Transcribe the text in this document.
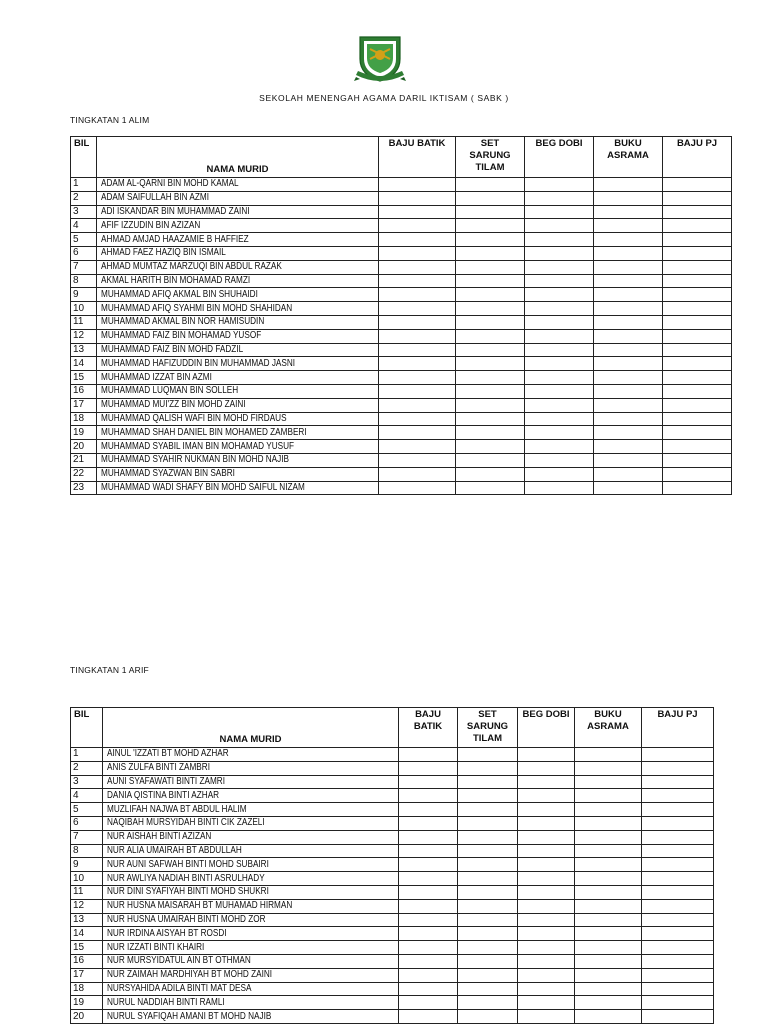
SEKOLAH MENENGAH AGAMA DARIL IKTISAM ( SABK )
TINGKATAN 1 ALIM
BIL	NAMA MURID	BAJU BATIK	SET SARUNG TILAM	BEG DOBI	BUKU ASRAMA	BAJU PJ
1	ADAM AL-QARNI BIN MOHD KAMAL					
2	ADAM SAIFULLAH BIN AZMI					
3	ADI ISKANDAR BIN MUHAMMAD ZAINI					
4	AFIF IZZUDIN BIN AZIZAN					
5	AHMAD AMJAD HAAZAMIE B HAFFIEZ					
6	AHMAD FAEZ HAZIQ BIN ISMAIL					
7	AHMAD MUMTAZ MARZUQI BIN ABDUL RAZAK					
8	AKMAL HARITH BIN MOHAMAD RAMZI					
9	MUHAMMAD AFIQ AKMAL BIN SHUHAIDI					
10	MUHAMMAD AFIQ SYAHMI BIN MOHD SHAHIDAN					
11	MUHAMMAD AKMAL BIN NOR HAMISUDIN					
12	MUHAMMAD FAIZ BIN MOHAMAD YUSOF					
13	MUHAMMAD FAIZ BIN MOHD FADZIL					
14	MUHAMMAD HAFIZUDDIN BIN MUHAMMAD JASNI					
15	MUHAMMAD IZZAT BIN AZMI					
16	MUHAMMAD LUQMAN BIN SOLLEH					
17	MUHAMMAD MUI'ZZ BIN MOHD ZAINI					
18	MUHAMMAD QALISH WAFI BIN MOHD FIRDAUS					
19	MUHAMMAD SHAH DANIEL BIN MOHAMED ZAMBERI					
20	MUHAMMAD SYABIL IMAN BIN MOHAMAD YUSUF					
21	MUHAMMAD SYAHIR NUKMAN BIN MOHD NAJIB					
22	MUHAMMAD SYAZWAN BIN SABRI					
23	MUHAMMAD WADI SHAFY BIN MOHD SAIFUL NIZAM					
TINGKATAN 1 ARIF
BIL	NAMA MURID	BAJU BATIK	SET SARUNG TILAM	BEG DOBI	BUKU ASRAMA	BAJU PJ
1	AINUL 'IZZATI BT MOHD AZHAR					
2	ANIS ZULFA BINTI ZAMBRI					
3	AUNI SYAFAWATI BINTI ZAMRI					
4	DANIA QISTINA BINTI AZHAR					
5	MUZLIFAH NAJWA BT ABDUL HALIM					
6	NAQIBAH MURSYIDAH BINTI CIK ZAZELI					
7	NUR AISHAH BINTI AZIZAN					
8	NUR ALIA UMAIRAH BT ABDULLAH					
9	NUR AUNI SAFWAH BINTI MOHD SUBAIRI					
10	NUR AWLIYA NADIAH BINTI ASRULHADY					
11	NUR DINI SYAFIYAH BINTI MOHD SHUKRI					
12	NUR HUSNA MAISARAH BT MUHAMAD HIRMAN					
13	NUR HUSNA UMAIRAH BINTI MOHD ZOR					
14	NUR IRDINA AISYAH BT ROSDI					
15	NUR IZZATI BINTI KHAIRI					
16	NUR MURSYIDATUL AIN BT OTHMAN					
17	NUR ZAIMAH MARDHIYAH BT MOHD ZAINI					
18	NURSYAHIDA ADILA BINTI MAT DESA					
19	NURUL NADDIAH BINTI RAMLI					
20	NURUL SYAFIQAH AMANI BT MOHD NAJIB					
